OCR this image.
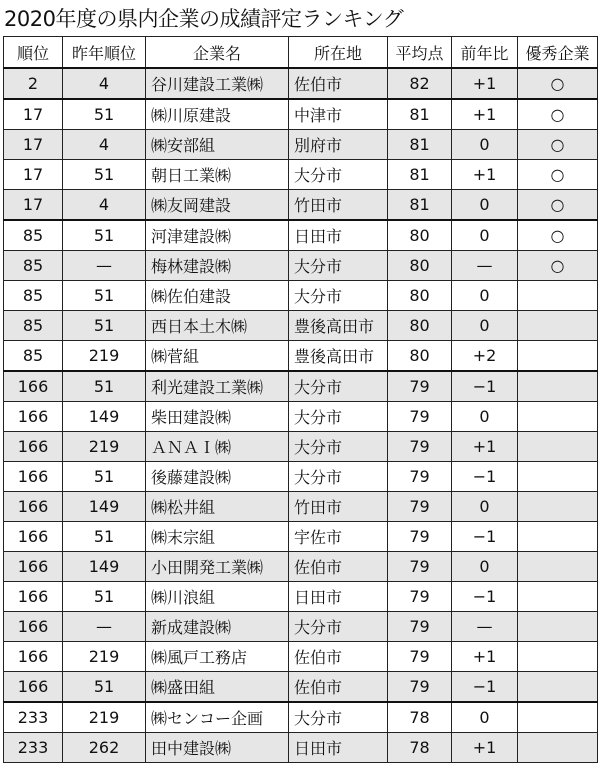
2020年度の県内企業の成績評定ランキング
順位	昨年順位	企業名	所在地	平均点	前年比	優秀企業
2	4	谷川建設工業㈱	佐伯市	82	+1	○
17	51	㈱川原建設	中津市	81	+1	○
17	4	㈱安部組	別府市	81	0	○
17	51	朝日工業㈱	大分市	81	+1	○
17	4	㈱友岡建設	竹田市	81	0	○
85	51	河津建設㈱	日田市	80	0	○
85	—	梅林建設㈱	大分市	80	—	○
85	51	㈱佐伯建設	大分市	80	0	
85	51	西日本土木㈱	豊後高田市	80	0	
85	219	㈱菅組	豊後高田市	80	+2	
166	51	利光建設工業㈱	大分市	79	−1	
166	149	柴田建設㈱	大分市	79	0	
166	219	ＡＮＡＩ㈱	大分市	79	+1	
166	51	後藤建設㈱	大分市	79	−1	
166	149	㈱松井組	竹田市	79	0	
166	51	㈱末宗組	宇佐市	79	−1	
166	149	小田開発工業㈱	佐伯市	79	0	
166	51	㈱川浪組	日田市	79	−1	
166	—	新成建設㈱	大分市	79	—	
166	219	㈱風戸工務店	佐伯市	79	+1	
166	51	㈱盛田組	佐伯市	79	−1	
233	219	㈱センコー企画	大分市	78	0	
233	262	田中建設㈱	日田市	78	+1	
